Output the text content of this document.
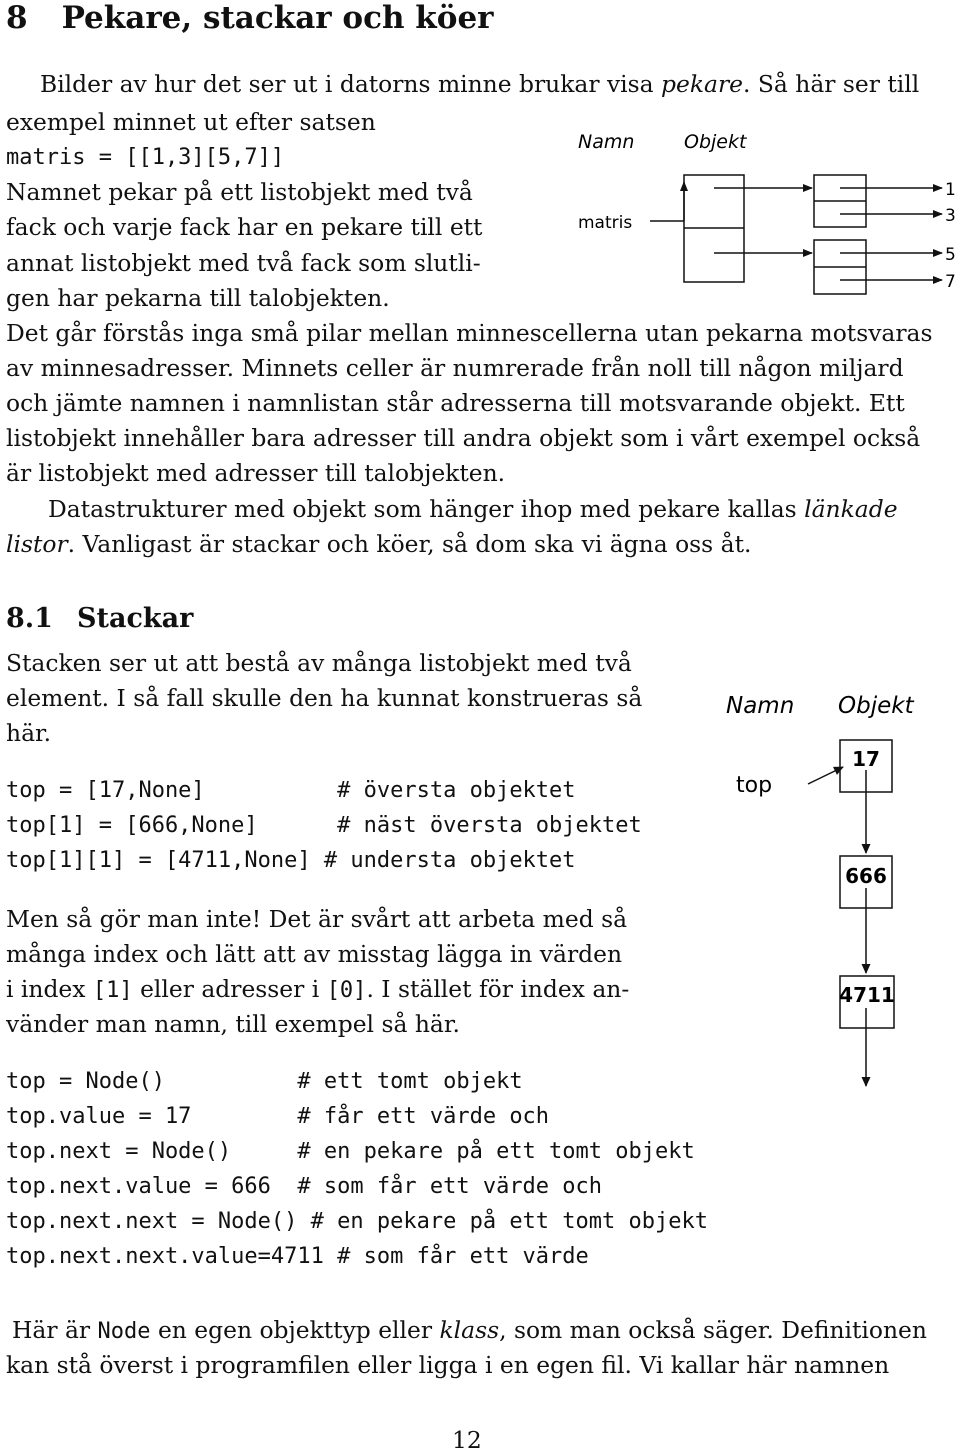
8 Pekare, stackar och köer
Bilder av hur det ser ut i datorns minne brukar visa pekare. Så här ser till
exempel minnet ut efter satsen
matris = [[1,3][5,7]]
Namnet pekar på ett listobjekt med två
fack och varje fack har en pekare till ett
annat listobjekt med två fack som slutli-
gen har pekarna till talobjekten.
Det går förstås inga små pilar mellan minnescellerna utan pekarna motsvaras
av minnesadresser. Minnets celler är numrerade från noll till någon miljard
och jämte namnen i namnlistan står adresserna till motsvarande objekt. Ett
listobjekt innehåller bara adresser till andra objekt som i vårt exempel också
är listobjekt med adresser till talobjekten.
Datastrukturer med objekt som hänger ihop med pekare kallas länkade
listor. Vanligast är stackar och köer, så dom ska vi ägna oss åt.
Namn	Objekt
matris
1
3
5
7
8.1 Stackar
Stacken ser ut att bestå av många listobjekt med två
element. I så fall skulle den ha kunnat konstrueras så
här.
top = [17,None]          # översta objektet
top[1] = [666,None]      # näst översta objektet
top[1][1] = [4711,None] # understa objektet
Men så gör man inte! Det är svårt att arbeta med så
många index och lätt att av misstag lägga in värden
i index [1] eller adresser i [0]. I stället för index an-
vänder man namn, till exempel så här.
top = Node()          # ett tomt objekt
top.value = 17        # får ett värde och
top.next = Node()     # en pekare på ett tomt objekt
top.next.value = 666  # som får ett värde och
top.next.next = Node() # en pekare på ett tomt objekt
top.next.next.value=4711 # som får ett värde
Här är Node en egen objekttyp eller klass, som man också säger. Definitionen
kan stå överst i programfilen eller ligga i en egen fil. Vi kallar här namnen
Namn Objekt
top
17
666
4711
12
